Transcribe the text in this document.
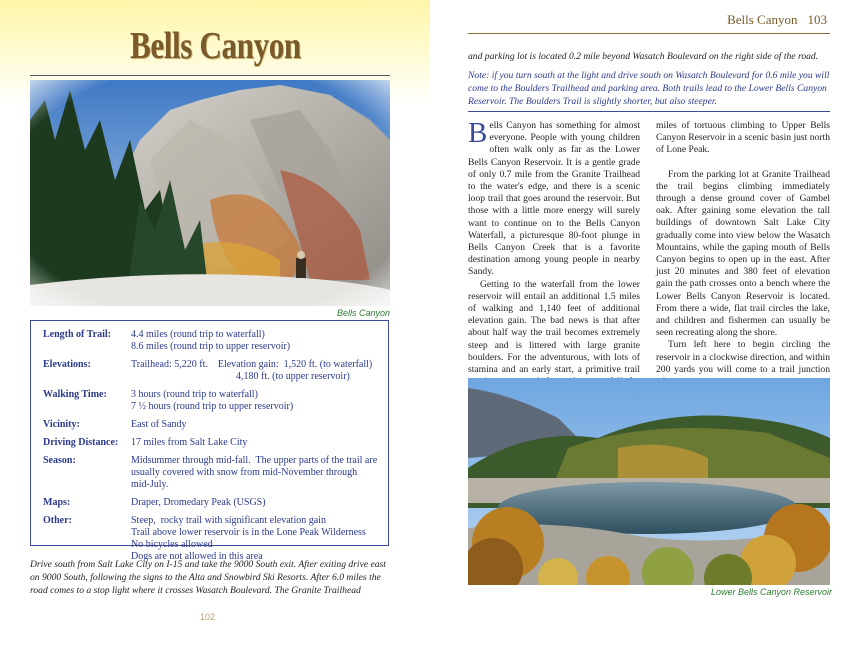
Bells Canyon
Bells Canyon
Length of Trail:	4.4 miles (round trip to waterfall)
8.6 miles (round trip to upper reservoir)
Elevations:	Trailhead: 5,220 ft.    Elevation gain:  1,520 ft. (to waterfall)
4,180 ft. (to upper reservoir)
Walking Time:	3 hours (round trip to waterfall)
7 ½ hours (round trip to upper reservoir)
Vicinity:	East of Sandy
Driving Distance:	17 miles from Salt Lake City
Season:	Midsummer through mid-fall.  The upper parts of the trail are usually covered with snow from mid-November through mid-July.
Maps:	Draper, Dromedary Peak (USGS)
Other:	Steep,  rocky trail with significant elevation gain
Trail above lower reservoir is in the Lone Peak Wilderness
No bicycles allowed
Dogs are not allowed in this area
Drive south from Salt Lake City on I-15 and take the 9000 South exit. After exiting drive east on 9000 South, following the signs to the Alta and Snowbird Ski Resorts. After 6.0 miles the road comes to a stop light where it crosses Wasatch Boulevard. The Granite Trailhead
102
Bells Canyon 103
and parking lot is located 0.2 mile beyond Wasatch Boulevard on the right side of the road.
Note: if you turn south at the light and drive south on Wasatch Boulevard for 0.6 mile you will come to the Boulders Trailhead and parking area. Both trails lead to the Lower Bells Canyon Reservoir. The Boulders Trail is slightly shorter, but also steeper.

Bells Canyon has something for almost everyone. People with young children often walk only as far as the Lower Bells Canyon Reservoir. It is a gentle grade of only 0.7 mile from the Granite Trailhead to the water's edge, and there is a scenic loop trail that goes around the reservoir. But those with a little more energy will surely want to continue on to the Bells Canyon Waterfall, a picturesque 80-foot plunge in Bells Canyon Creek that is a favorite destination among young people in nearby Sandy.

Getting to the waterfall from the lower reservoir will entail an additional 1.5 miles of walking and 1,140 feet of additional elevation gain. The bad news is that after about half way the trail becomes extremely steep and is littered with large granite boulders. For the adventurous, with lots of stamina and an early start, a primitive trail

miles of tortuous climbing to Upper Bells Canyon Reservoir in a scenic basin just north of Lone Peak.

From the parking lot at Granite Trailhead the trail begins climbing immediately through a dense ground cover of Gambel oak. After gaining some elevation the tall buildings of downtown Salt Lake City gradually come into view below the Wasatch Mountains, while the gaping mouth of Bells Canyon begins to open up in the east. After just 20 minutes and 380 feet of elevation gain the path crosses onto a bench where the Lower Bells Canyon Reservoir is located. From there a wide, flat trail circles the lake, and children and fishermen can usually be seen recreating along the shore.

Turn left here to begin circling the reservoir in a clockwise direction, and within 200 yards you will come to a trail junction

Lower Bells Canyon Reservoir
